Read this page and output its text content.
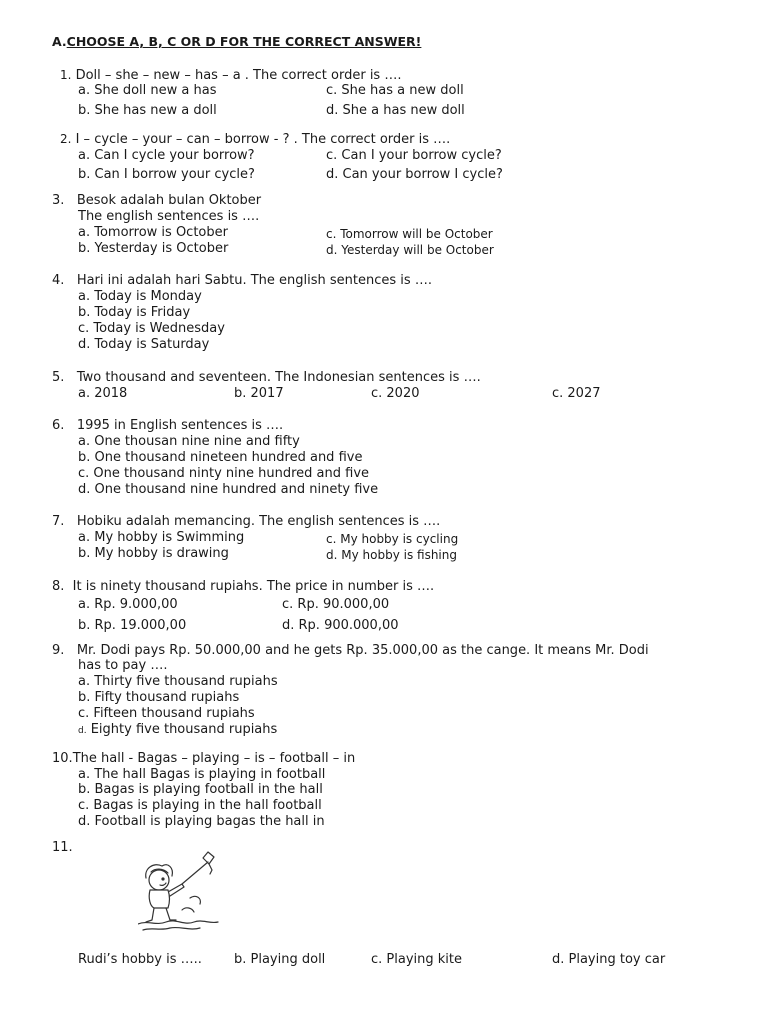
A.CHOOSE A, B, C OR D FOR THE CORRECT ANSWER!
1. Doll – she – new – has – a . The correct order is ….
a. She doll new a has	c. She has a new doll
b. She has new a doll	d. She a has new doll
2. I – cycle – your – can – borrow - ? . The correct order is ….
a. Can I cycle your borrow?	c. Can I your borrow cycle?
b. Can I borrow your cycle?	d. Can your borrow I cycle?
3. Besok adalah bulan Oktober
The english sentences is ….
a. Tomorrow is October	c. Tomorrow will be October
b. Yesterday is October	d. Yesterday will be October
4. Hari ini adalah hari Sabtu. The english sentences is ….
a. Today is Monday
b. Today is Friday
c. Today is Wednesday
d. Today is Saturday
5. Two thousand and seventeen. The Indonesian sentences is ….
a. 2018	b. 2017	c. 2020	c. 2027
6. 1995 in English sentences is ….
a. One thousan nine nine and fifty
b. One thousand nineteen hundred and five
c. One thousand ninty nine hundred and five
d. One thousand nine hundred and ninety five
7. Hobiku adalah memancing. The english sentences is ….
a. My hobby is Swimming	c. My hobby is cycling
b. My hobby is drawing	d. My hobby is fishing
8. It is ninety thousand rupiahs. The price in number is ….
a. Rp. 9.000,00	c. Rp. 90.000,00
b. Rp. 19.000,00	d. Rp. 900.000,00
9. Mr. Dodi pays Rp. 50.000,00 and he gets Rp. 35.000,00 as the cange. It means Mr. Dodi
has to pay ….
a. Thirty five thousand rupiahs
b. Fifty thousand rupiahs
c. Fifteen thousand rupiahs
d. Eighty five thousand rupiahs
10.The hall - Bagas – playing – is – football – in
a. The hall Bagas is playing in football
b. Bagas is playing football in the hall
c. Bagas is playing in the hall football
d. Football is playing bagas the hall in
11.
Rudi’s hobby is ….. b. Playing doll	c. Playing kite	d. Playing toy car
